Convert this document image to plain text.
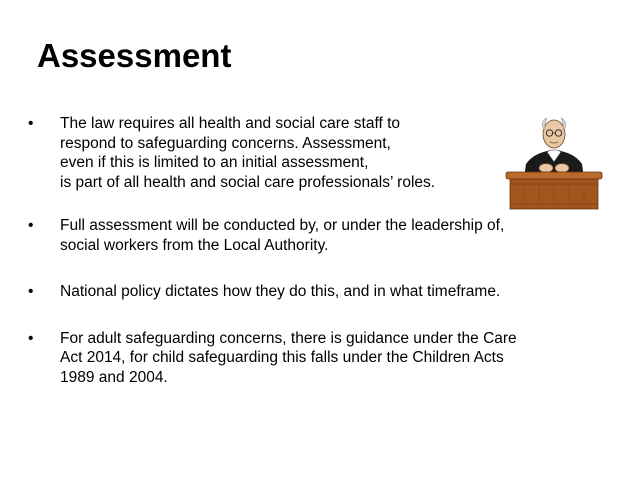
Assessment
•	The law requires all health and social care staff to
respond to safeguarding concerns. Assessment,
even if this is limited to an initial assessment,
is part of all health and social care professionals’ roles.
•	Full assessment will be conducted by, or under the leadership of,
social workers from the Local Authority.
•	National policy dictates how they do this, and in what timeframe.
•	For adult safeguarding concerns, there is guidance under the Care
Act 2014, for child safeguarding this falls under the Children Acts
1989 and 2004.
